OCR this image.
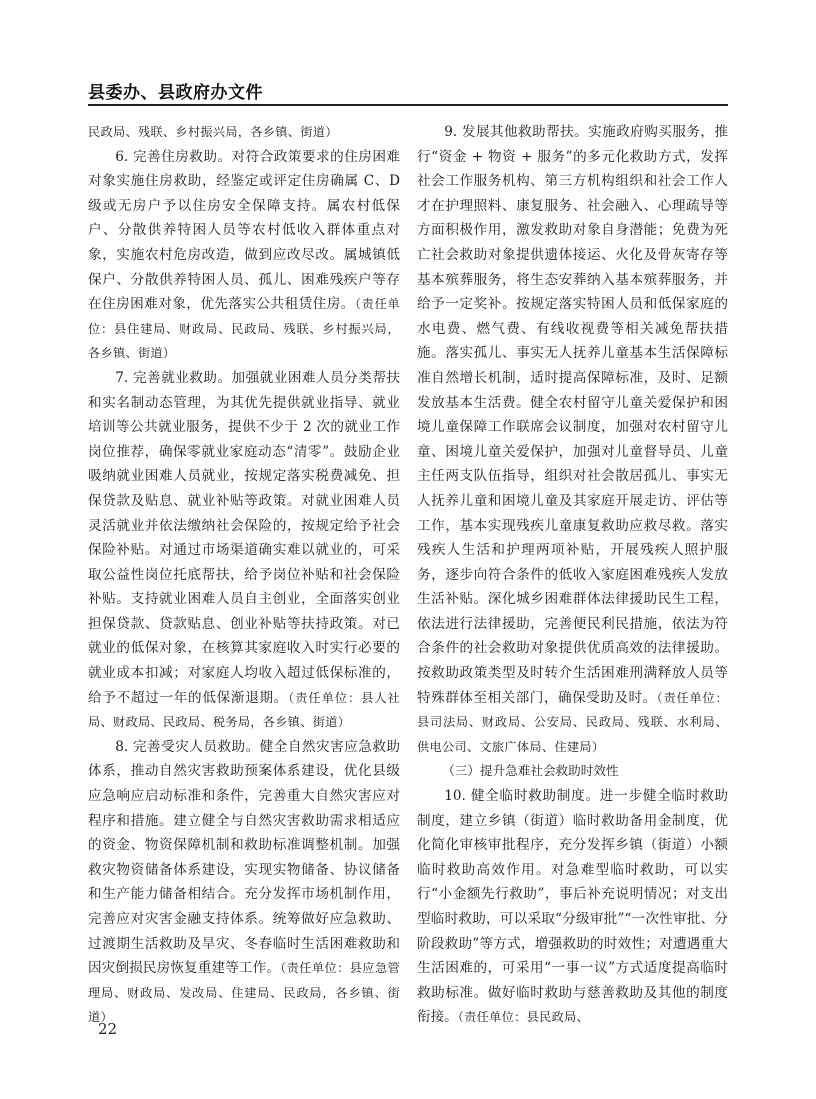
县委办、县政府办文件

民政局、残联、乡村振兴局，各乡镇、街道）

6. 完善住房救助。对符合政策要求的住房困难对象实施住房救助，经鉴定或评定住房确属 C、D 级或无房户予以住房安全保障支持。属农村低保户、分散供养特困人员等农村低收入群体重点对象，实施农村危房改造，做到应改尽改。属城镇低保户、分散供养特困人员、孤儿、困难残疾户等存在住房困难对象，优先落实公共租赁住房。（责任单位：县住建局、财政局、民政局、残联、乡村振兴局，各乡镇、街道）

7. 完善就业救助。加强就业困难人员分类帮扶和实名制动态管理，为其优先提供就业指导、就业培训等公共就业服务，提供不少于 2 次的就业工作岗位推荐，确保零就业家庭动态“清零”。鼓励企业吸纳就业困难人员就业，按规定落实税费减免、担保贷款及贴息、就业补贴等政策。对就业困难人员灵活就业并依法缴纳社会保险的，按规定给予社会保险补贴。对通过市场渠道确实难以就业的，可采取公益性岗位托底帮扶，给予岗位补贴和社会保险补贴。支持就业困难人员自主创业，全面落实创业担保贷款、贷款贴息、创业补贴等扶持政策。对已就业的低保对象，在核算其家庭收入时实行必要的就业成本扣减；对家庭人均收入超过低保标准的，给予不超过一年的低保渐退期。（责任单位：县人社局、财政局、民政局、税务局，各乡镇、街道）

8. 完善受灾人员救助。健全自然灾害应急救助体系，推动自然灾害救助预案体系建设，优化县级应急响应启动标准和条件，完善重大自然灾害应对程序和措施。建立健全与自然灾害救助需求相适应的资金、物资保障机制和救助标准调整机制。加强救灾物资储备体系建设，实现实物储备、协议储备和生产能力储备相结合。充分发挥市场机制作用，完善应对灾害金融支持体系。统筹做好应急救助、过渡期生活救助及旱灾、冬春临时生活困难救助和因灾倒损民房恢复重建等工作。（责任单位：县应急管理局、财政局、发改局、住建局、民政局，各乡镇、街道）

9. 发展其他救助帮扶。实施政府购买服务，推行“资金 + 物资 + 服务”的多元化救助方式，发挥社会工作服务机构、第三方机构组织和社会工作人才在护理照料、康复服务、社会融入、心理疏导等方面积极作用，激发救助对象自身潜能；免费为死亡社会救助对象提供遗体接运、火化及骨灰寄存等基本殡葬服务，将生态安葬纳入基本殡葬服务，并给予一定奖补。按规定落实特困人员和低保家庭的水电费、燃气费、有线收视费等相关减免帮扶措施。落实孤儿、事实无人抚养儿童基本生活保障标准自然增长机制，适时提高保障标准，及时、足额发放基本生活费。健全农村留守儿童关爱保护和困境儿童保障工作联席会议制度，加强对农村留守儿童、困境儿童关爱保护，加强对儿童督导员、儿童主任两支队伍指导，组织对社会散居孤儿、事实无人抚养儿童和困境儿童及其家庭开展走访、评估等工作，基本实现残疾儿童康复救助应救尽救。落实残疾人生活和护理两项补贴，开展残疾人照护服务，逐步向符合条件的低收入家庭困难残疾人发放生活补贴。深化城乡困难群体法律援助民生工程，依法进行法律援助，完善便民利民措施，依法为符合条件的社会救助对象提供优质高效的法律援助。按救助政策类型及时转介生活困难刑满释放人员等特殊群体至相关部门，确保受助及时。（责任单位：县司法局、财政局、公安局、民政局、残联、水利局、供电公司、文旅广体局、住建局）

（三）提升急难社会救助时效性

10. 健全临时救助制度。进一步健全临时救助制度，建立乡镇（街道）临时救助备用金制度，优化简化审核审批程序，充分发挥乡镇（街道）小额临时救助高效作用。对急难型临时救助，可以实行“小金额先行救助”，事后补充说明情况；对支出型临时救助，可以采取“分级审批”“一次性审批、分阶段救助”等方式，增强救助的时效性；对遭遇重大生活困难的，可采用“一事一议”方式适度提高临时救助标准。做好临时救助与慈善救助及其他的制度衔接。（责任单位：县民政局、

22
